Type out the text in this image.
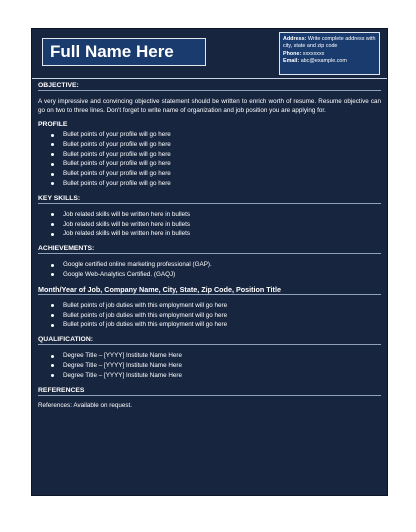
Full Name Here
Address: Write complete address with city, state and zip code
Phone: xxxxxxxx
Email: abc@example.com
OBJECTIVE:
A very impressive and convincing objective statement should be written to enrich worth of resume. Resume objective can go on two to three lines. Don't forget to write name of organization and job position you are applying for.
PROFILE
Bullet points of your profile will go here
Bullet points of your profile will go here
Bullet points of your profile will go here
Bullet points of your profile will go here
Bullet points of your profile will go here
Bullet points of your profile will go here
KEY SKILLS:
Job related skills will be written here in bullets
Job related skills will be written here in bullets
Job related skills will be written here in bullets
ACHIEVEMENTS:
Google certified online marketing professional (GAP).
Google Web-Analytics Certified. (GAQJ)
Month/Year of Job, Company Name, City, State, Zip Code, Position Title
Bullet points of job duties with this employment will go here
Bullet points of job duties with this employment will go here
Bullet points of job duties with this employment will go here
QUALIFICATION:
Degree Title – [YYYY] Institute Name Here
Degree Title – [YYYY] Institute Name Here
Degree Title – [YYYY] Institute Name Here
REFERENCES
References: Available on request.
